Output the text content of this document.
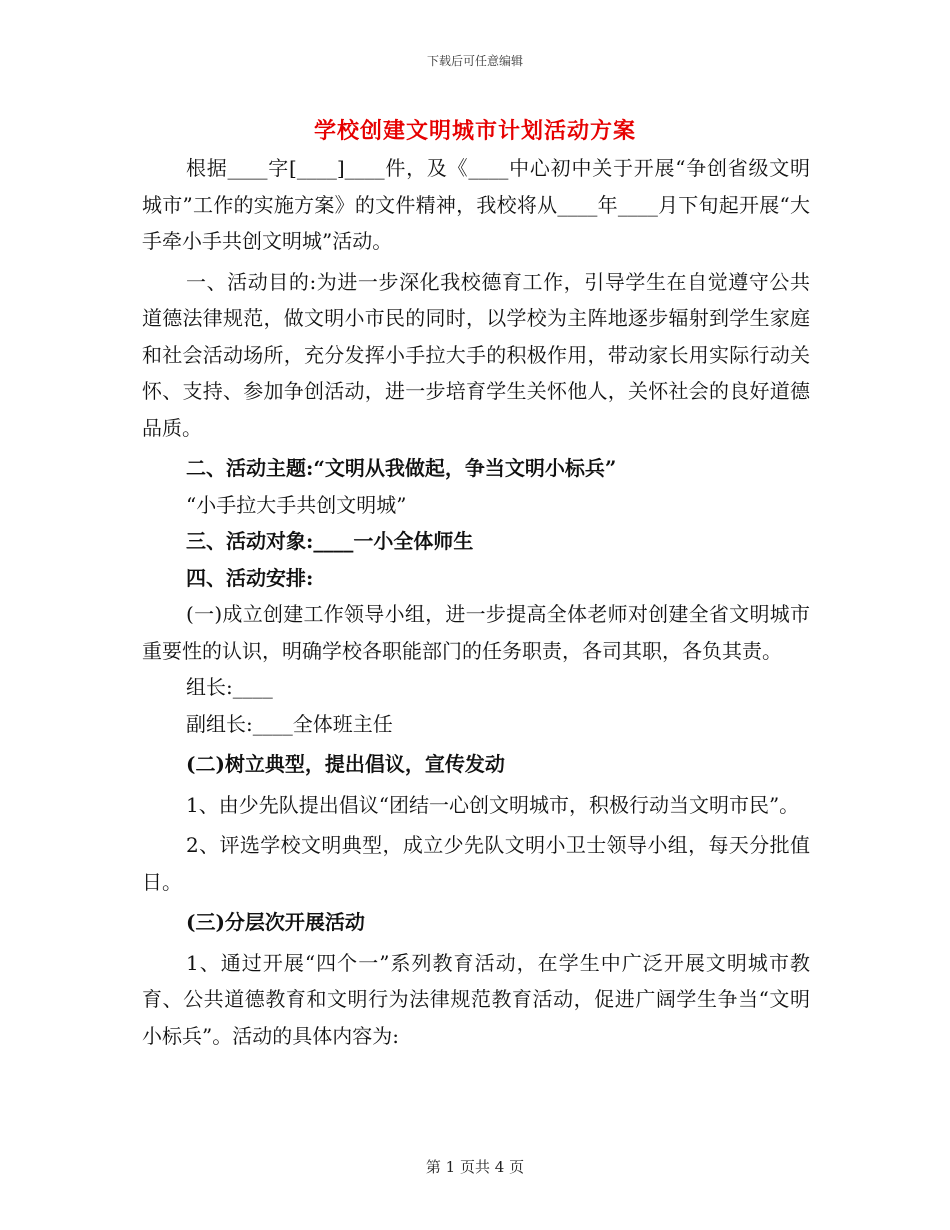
下载后可任意编辑
学校创建文明城市计划活动方案

根据____字[____]____件，及《____中心初中关于开展“争创省级文明城市”工作的实施方案》的文件精神，我校将从____年____月下旬起开展“大手牵小手共创文明城”活动。

一、活动目的:为进一步深化我校德育工作，引导学生在自觉遵守公共道德法律规范，做文明小市民的同时，以学校为主阵地逐步辐射到学生家庭和社会活动场所，充分发挥小手拉大手的积极作用，带动家长用实际行动关怀、支持、参加争创活动，进一步培育学生关怀他人，关怀社会的良好道德品质。

二、活动主题:“文明从我做起，争当文明小标兵”

“小手拉大手共创文明城”

三、活动对象:____一小全体师生

四、活动安排:

(一)成立创建工作领导小组，进一步提高全体老师对创建全省文明城市重要性的认识，明确学校各职能部门的任务职责，各司其职，各负其责。

组长:____

副组长:____全体班主任

(二)树立典型，提出倡议，宣传发动

1、由少先队提出倡议“团结一心创文明城市，积极行动当文明市民”。

2、评选学校文明典型，成立少先队文明小卫士领导小组，每天分批值日。

(三)分层次开展活动

1、通过开展“四个一”系列教育活动，在学生中广泛开展文明城市教育、公共道德教育和文明行为法律规范教育活动，促进广阔学生争当“文明小标兵”。活动的具体内容为:

第 1 页共 4 页
